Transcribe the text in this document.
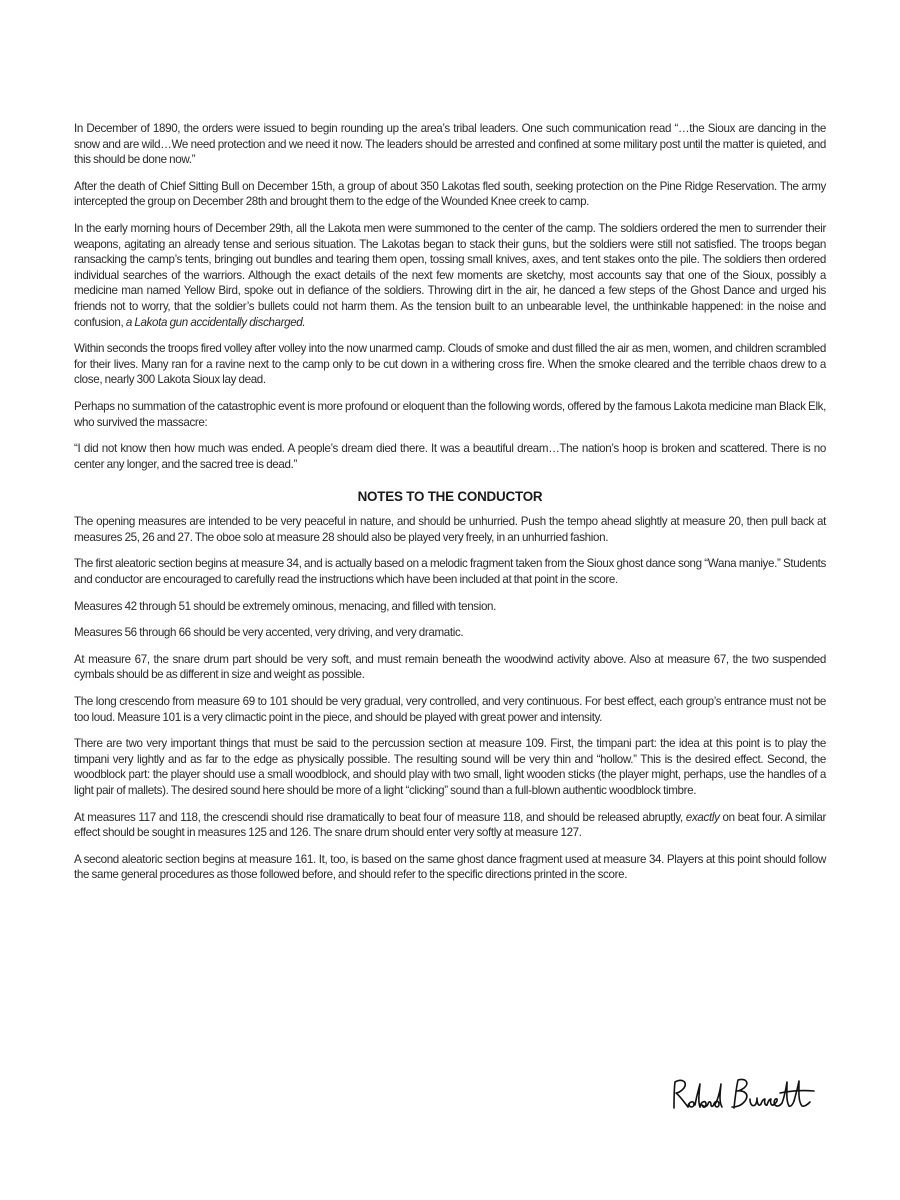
In December of 1890, the orders were issued to begin rounding up the area’s tribal leaders. One such communication read “…the Sioux are dancing in the snow and are wild…We need protection and we need it now. The leaders should be arrested and confined at some military post until the matter is quieted, and this should be done now.”

After the death of Chief Sitting Bull on December 15th, a group of about 350 Lakotas fled south, seeking protection on the Pine Ridge Reservation. The army intercepted the group on December 28th and brought them to the edge of the Wounded Knee creek to camp.

In the early morning hours of December 29th, all the Lakota men were summoned to the center of the camp. The soldiers ordered the men to surrender their weapons, agitating an already tense and serious situation. The Lakotas began to stack their guns, but the soldiers were still not satisfied. The troops began ransacking the camp’s tents, bringing out bundles and tearing them open, tossing small knives, axes, and tent stakes onto the pile. The soldiers then ordered individual searches of the warriors. Although the exact details of the next few moments are sketchy, most accounts say that one of the Sioux, possibly a medicine man named Yellow Bird, spoke out in defiance of the soldiers. Throwing dirt in the air, he danced a few steps of the Ghost Dance and urged his friends not to worry, that the soldier’s bullets could not harm them. As the tension built to an unbearable level, the unthinkable happened: in the noise and confusion, a Lakota gun accidentally discharged.

Within seconds the troops fired volley after volley into the now unarmed camp. Clouds of smoke and dust filled the air as men, women, and children scrambled for their lives. Many ran for a ravine next to the camp only to be cut down in a withering cross fire. When the smoke cleared and the terrible chaos drew to a close, nearly 300 Lakota Sioux lay dead.

Perhaps no summation of the catastrophic event is more profound or eloquent than the following words, offered by the famous Lakota medicine man Black Elk, who survived the massacre:

“I did not know then how much was ended. A people’s dream died there. It was a beautiful dream…The nation’s hoop is broken and scattered. There is no center any longer, and the sacred tree is dead.”

NOTES TO THE CONDUCTOR

The opening measures are intended to be very peaceful in nature, and should be unhurried. Push the tempo ahead slightly at measure 20, then pull back at measures 25, 26 and 27. The oboe solo at measure 28 should also be played very freely, in an unhurried fashion.

The first aleatoric section begins at measure 34, and is actually based on a melodic fragment taken from the Sioux ghost dance song “Wana maniye.” Students and conductor are encouraged to carefully read the instructions which have been included at that point in the score.

Measures 42 through 51 should be extremely ominous, menacing, and filled with tension.

Measures 56 through 66 should be very accented, very driving, and very dramatic.

At measure 67, the snare drum part should be very soft, and must remain beneath the woodwind activity above. Also at measure 67, the two suspended cymbals should be as different in size and weight as possible.

The long crescendo from measure 69 to 101 should be very gradual, very controlled, and very continuous. For best effect, each group’s entrance must not be too loud. Measure 101 is a very climactic point in the piece, and should be played with great power and intensity.

There are two very important things that must be said to the percussion section at measure 109. First, the timpani part: the idea at this point is to play the timpani very lightly and as far to the edge as physically possible. The resulting sound will be very thin and “hollow.” This is the desired effect. Second, the woodblock part: the player should use a small woodblock, and should play with two small, light wooden sticks (the player might, perhaps, use the handles of a light pair of mallets). The desired sound here should be more of a light “clicking” sound than a full-blown authentic woodblock timbre.

At measures 117 and 118, the crescendi should rise dramatically to beat four of measure 118, and should be released abruptly, exactly on beat four. A similar effect should be sought in measures 125 and 126. The snare drum should enter very softly at measure 127.

A second aleatoric section begins at measure 161. It, too, is based on the same ghost dance fragment used at measure 34. Players at this point should follow the same general procedures as those followed before, and should refer to the specific directions printed in the score.
